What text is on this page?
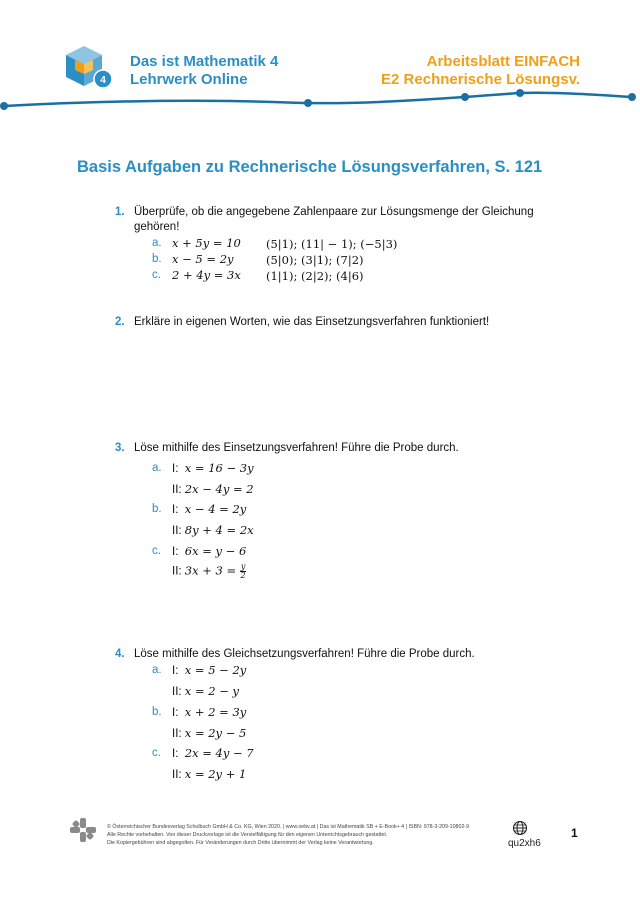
4
Das ist Mathematik 4
Lehrwerk Online
Arbeitsblatt EINFACH
E2 Rechnerische Lösungsv.
Basis Aufgaben zu Rechnerische Lösungsverfahren, S. 121
1. Überprüfe, ob die angegebene Zahlenpaare zur Lösungsmenge der Gleichung gehören!
a. x + 5y = 10 (5|1); (11| − 1); (−5|3)
b. x − 5 = 2y	(5|0); (3|1); (7|2)
c. 2 + 4y = 3x (1|1); (2|2); (4|6)
2. Erkläre in eigenen Worten, wie das Einsetzungsverfahren funktioniert!
3. Löse mithilfe des Einsetzungsverfahren! Führe die Probe durch.
a. I: x = 16 − 3y
II: 2x − 4y = 2
b. I: x − 4 = 2y
II: 8y + 4 = 2x
c. I: 6x = y − 6
II: $3x + 3 = \frac{y}{2}$
4. Löse mithilfe des Gleichsetzungsverfahren! Führe die Probe durch.
a. I: x = 5 − 2y
II: x = 2 − y
b. I: x + 2 = 3y
II: x = 2y − 5
c. I: 2x = 4y − 7
II: x = 2y + 1
© Österreichischer Bundesverlag Schulbuch GmbH & Co. KG, Wien 2020. | www.oebv.at | Das ist Mathematik SB + E-Book+ 4 | ISBN: 978-3-209-10802-9
Alle Rechte vorbehalten. Von dieser Druckvorlage ist die Vervielfältigung für den eigenen Unterrichtsgebrauch gestattet.
Die Kopiergebühren sind abgegolten. Für Veränderungen durch Dritte übernimmt der Verlag keine Verantwortung.	qu2xh6
1
